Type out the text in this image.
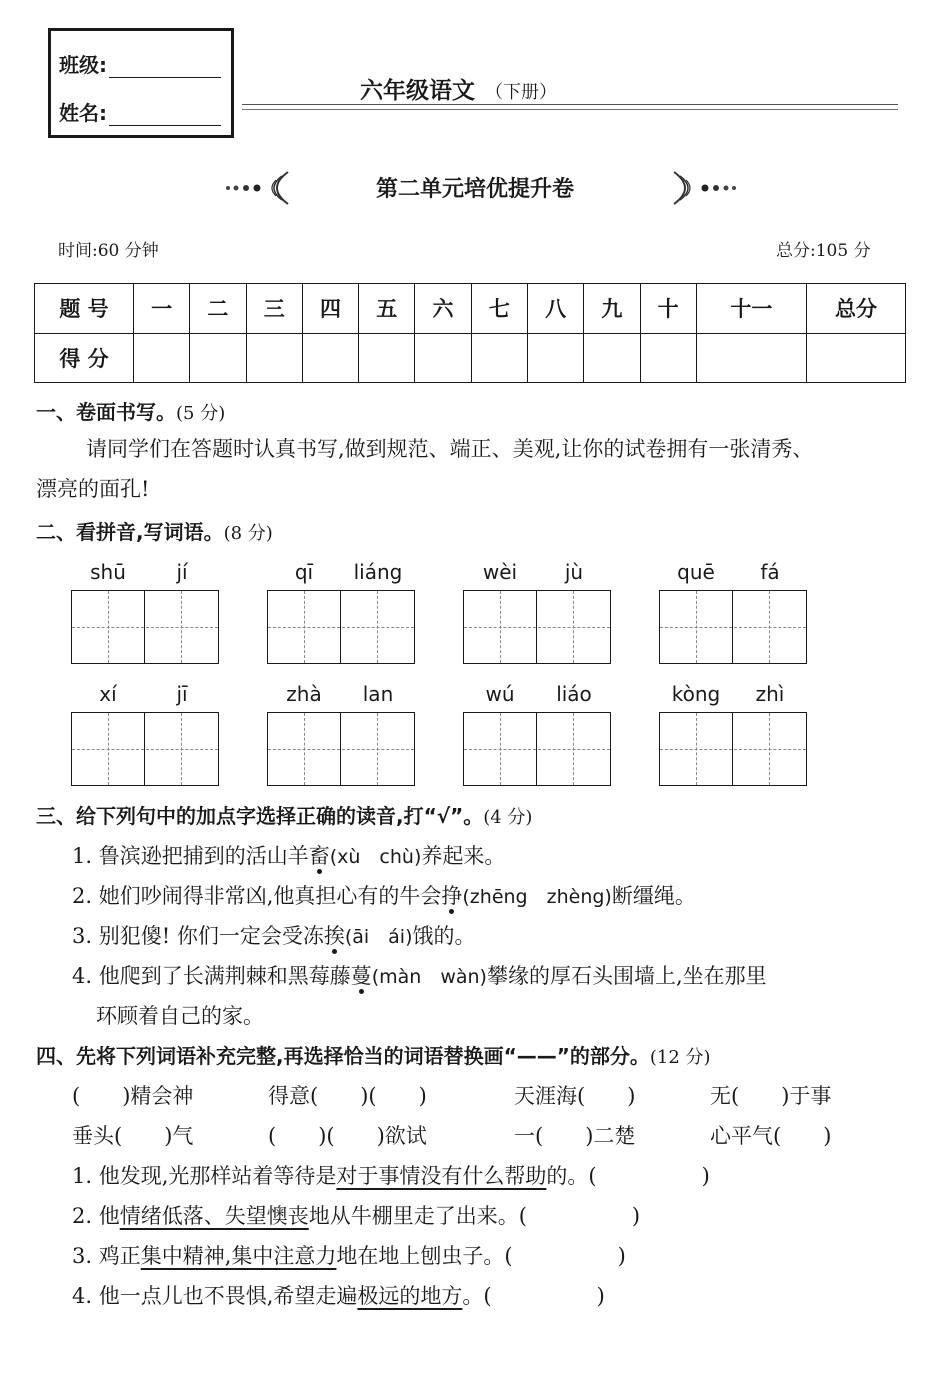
班级:
姓名:
六年级语文 （下册）
第二单元培优提升卷
时间:60 分钟	总分:105 分
题 号	一	二	三	四	五	六	七	八	九	十	十一	总分
得 分												
一、卷面书写。(5 分)
请同学们在答题时认真书写,做到规范、端正、美观,让你的试卷拥有一张清秀、
漂亮的面孔!
二、看拼音,写词语。(8 分)
shū	jí	qī	liáng	wèi	jù	quē	fá
xí	jī	zhà	lan	wú	liáo	kòng	zhì
三、给下列句中的加点字选择正确的读音,打“√”。(4 分)
1. 鲁滨逊把捕到的活山羊畜(xù　chù)养起来。
2. 她们吵闹得非常凶,他真担心有的牛会挣(zhēng　zhèng)断缰绳。
3. 别犯傻! 你们一定会受冻挨(āi　ái)饿的。
4. 他爬到了长满荆棘和黑莓藤蔓(màn　wàn)攀缘的厚石头围墙上,坐在那里
环顾着自己的家。
四、先将下列词语补充完整,再选择恰当的词语替换画“——”的部分。(12 分)
(　　)精会神	得意(　　)(　　)	天涯海(　　)	无(　　)于事
垂头(　　)气	(　　)(　　)欲试	一(　　)二楚	心平气(　　)
1. 他发现,光那样站着等待是对于事情没有什么帮助的。(　　　　　)
2. 他情绪低落、失望懊丧地从牛棚里走了出来。(　　　　　)
3. 鸡正集中精神,集中注意力地在地上刨虫子。(　　　　　)
4. 他一点儿也不畏惧,希望走遍极远的地方。(　　　　　)
